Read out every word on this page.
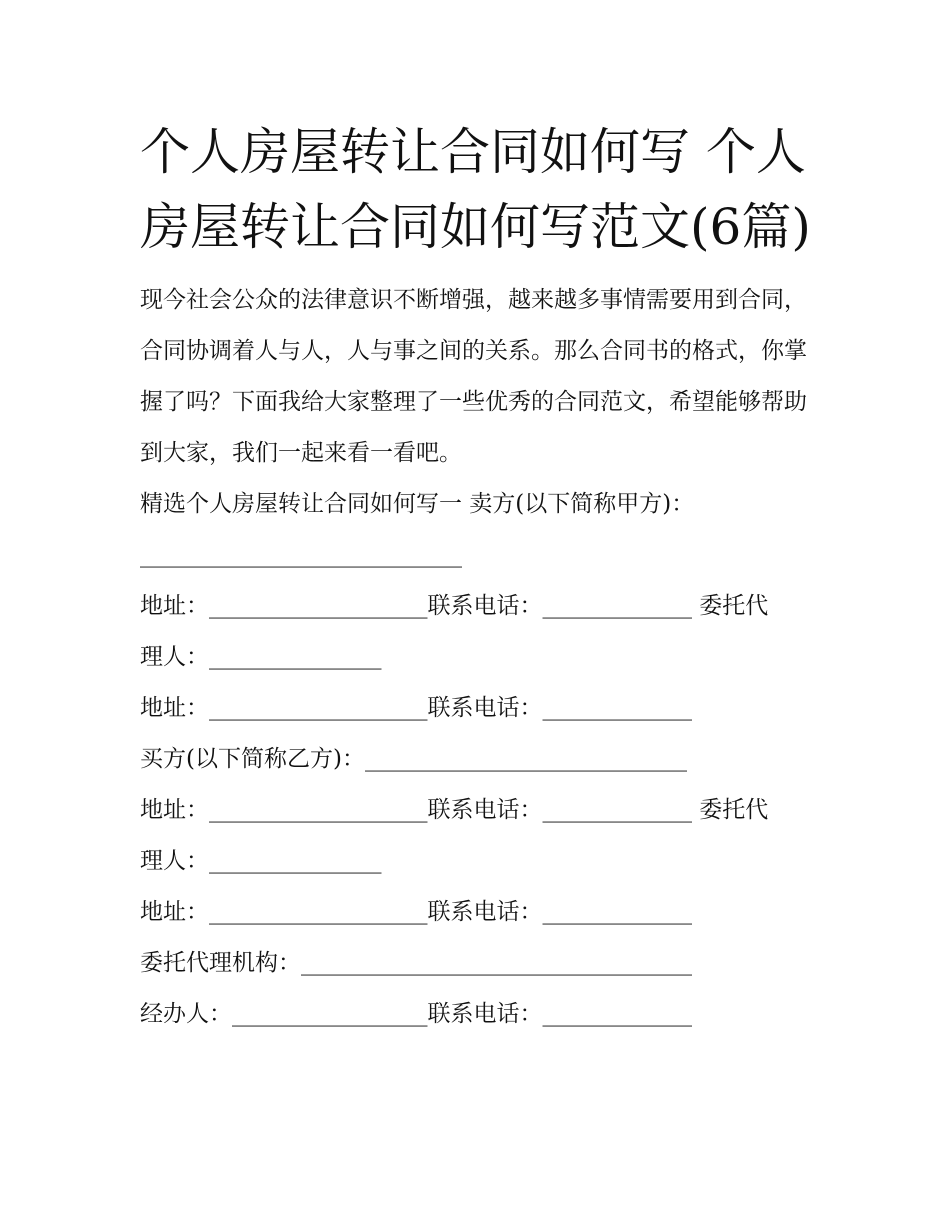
个人房屋转让合同如何写 个人房屋转让合同如何写范文(6篇)

现今社会公众的法律意识不断增强，越来越多事情需要用到合同，合同协调着人与人，人与事之间的关系。那么合同书的格式，你掌握了吗？下面我给大家整理了一些优秀的合同范文，希望能够帮助到大家，我们一起来看一看吧。

精选个人房屋转让合同如何写一 卖方(以下简称甲方)：
____________________________
地址：___________________联系电话：_____________ 委托代
理人：_______________
地址：___________________联系电话：_____________
买方(以下简称乙方)：____________________________
地址：___________________联系电话：_____________ 委托代
理人：_______________
地址：___________________联系电话：_____________
委托代理机构：__________________________________
经办人：_________________联系电话：_____________
